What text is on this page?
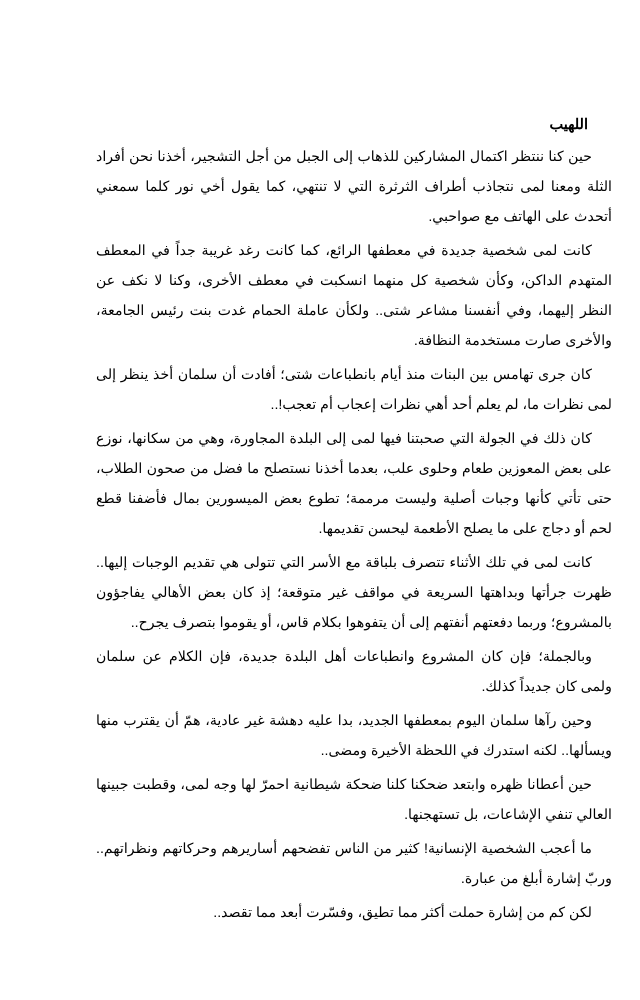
اللهيب

حين كنا ننتظر اكتمال المشاركين للذهاب إلى الجبل من أجل التشجير، أخذنا نحن أفراد الثلة ومعنا لمى نتجاذب أطراف الثرثرة التي لا تنتهي، كما يقول أخي نور كلما سمعني أتحدث على الهاتف مع صواحبي.

كانت لمى شخصية جديدة في معطفها الرائع، كما كانت رغد غريبة جداً في المعطف المتهدم الداكن، وكأن شخصية كل منهما انسكبت في معطف الأخرى، وكنا لا نكف عن النظر إليهما، وفي أنفسنا مشاعر شتى.. ولكأن عاملة الحمام غدت بنت رئيس الجامعة، والأخرى صارت مستخدمة النظافة.

كان جرى تهامس بين البنات منذ أيام بانطباعات شتى؛ أفادت أن سلمان أخذ ينظر إلى لمى نظرات ما، لم يعلم أحد أهي نظرات إعجاب أم تعجب!..

كان ذلك في الجولة التي صحبتنا فيها لمى إلى البلدة المجاورة، وهي من سكانها، نوزع على بعض المعوزين طعام وحلوى علب، بعدما أخذنا نستصلح ما فضل من صحون الطلاب، حتى تأتي كأنها وجبات أصلية وليست مرممة؛ تطوع بعض الميسورين بمال فأضفنا قطع لحم أو دجاج على ما يصلح الأطعمة ليحسن تقديمها.

كانت لمى في تلك الأثناء تتصرف بلباقة مع الأسر التي تتولى هي تقديم الوجبات إليها.. ظهرت جرأتها وبداهتها السريعة في مواقف غير متوقعة؛ إذ كان بعض الأهالي يفاجؤون بالمشروع؛ وربما دفعتهم أنفتهم إلى أن يتفوهوا بكلام قاس، أو يقوموا بتصرف يجرح..

وبالجملة؛ فإن كان المشروع وانطباعات أهل البلدة جديدة، فإن الكلام عن سلمان ولمى كان جديداً كذلك.

وحين رآها سلمان اليوم بمعطفها الجديد، بدا عليه دهشة غير عادية، همّ أن يقترب منها ويسألها.. لكنه استدرك في اللحظة الأخيرة ومضى..

حين أعطانا ظهره وابتعد ضحكنا كلنا ضحكة شيطانية احمرّ لها وجه لمى، وقطبت جبينها العالي تنفي الإشاعات، بل تستهجنها.

ما أعجب الشخصية الإنسانية! كثير من الناس تفضحهم أساريرهم وحركاتهم ونظراتهم.. وربّ إشارة أبلغ من عبارة.

لكن كم من إشارة حملت أكثر مما تطيق، وفسّرت أبعد مما تقصد..
